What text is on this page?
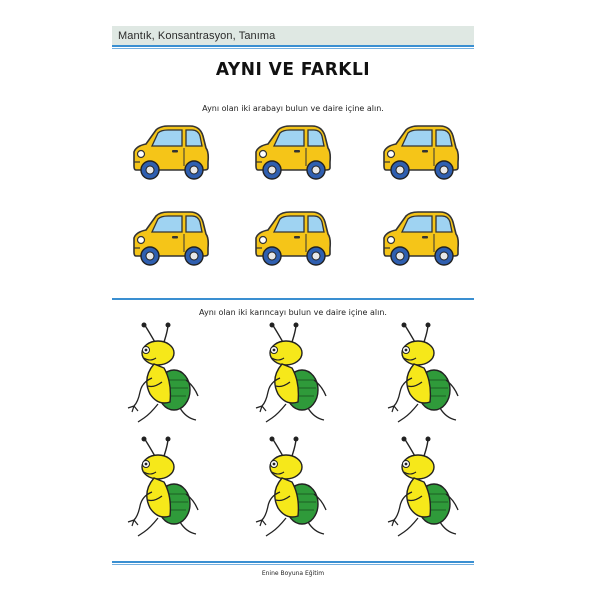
Mantık, Konsantrasyon, Tanıma
AYNI VE FARKLI
Aynı olan iki arabayı bulun ve daire içine alın.
Aynı olan iki karıncayı bulun ve daire içine alın.
Enine Boyuna Eğitim
